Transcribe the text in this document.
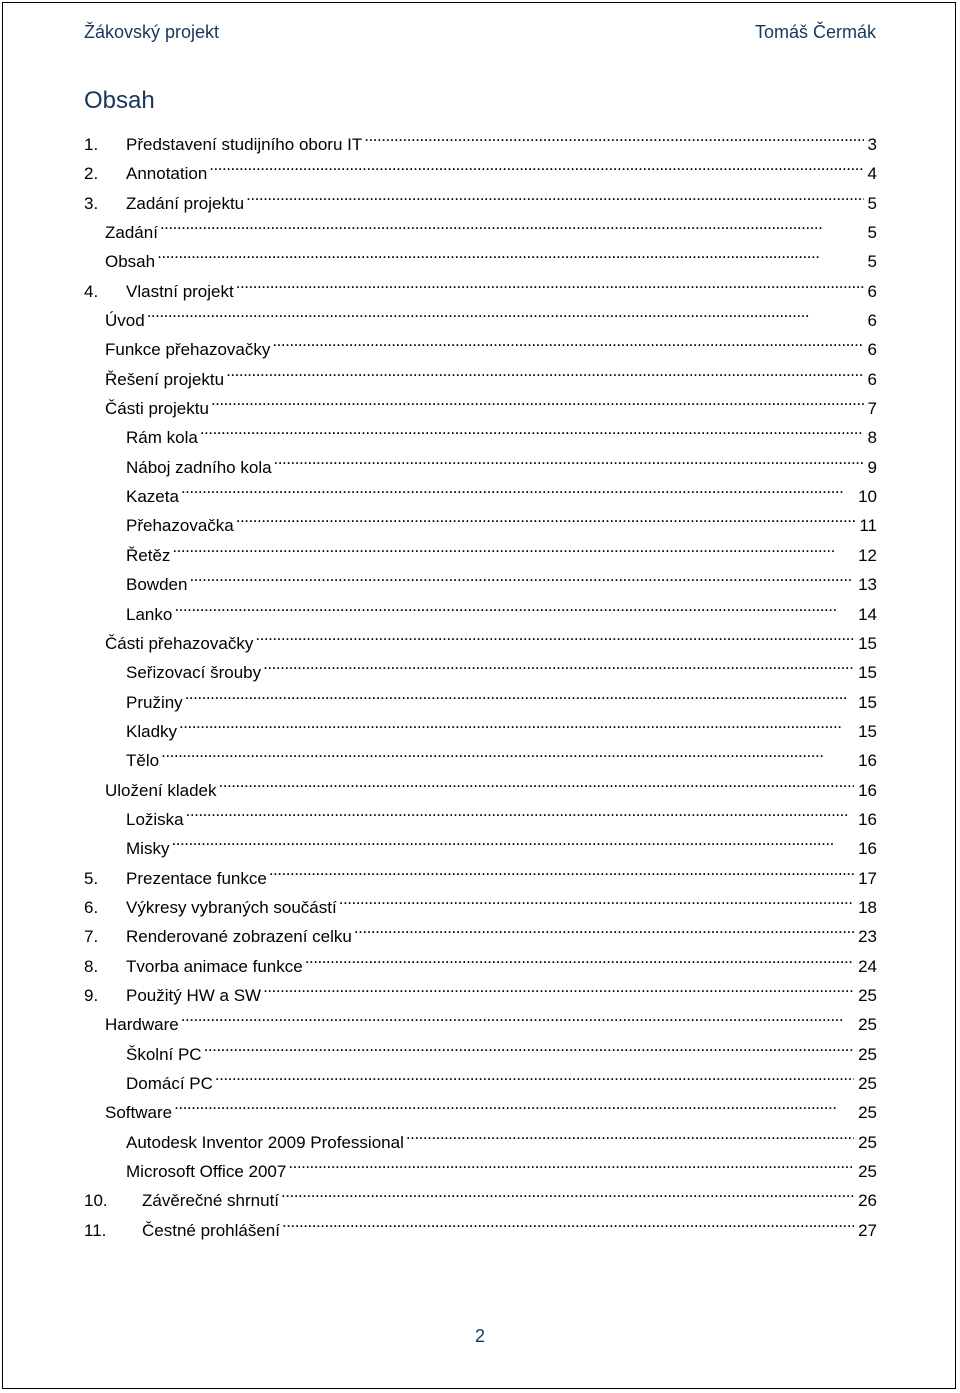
Žákovský projekt	Tomáš Čermák
Obsah
1.	Představení studijního oboru IT . . .	3
2.	Annotation . . .	4
3.	Zadání projektu . . .	5
Zadání . . .	5
Obsah . . .	5
4.	Vlastní projekt . . .	6
Úvod . . .	6
Funkce přehazovačky . . .	6
Řešení projektu . . .	6
Části projektu . . .	7
Rám kola . . .	8
Náboj zadního kola . . .	9
Kazeta . . .	10
Přehazovačka . . .	11
Řetěz . . .	12
Bowden . . .	13
Lanko . . .	14
Části přehazovačky . . .	15
Seřizovací šrouby . . .	15
Pružiny . . .	15
Kladky . . .	15
Tělo . . .	16
Uložení kladek . . .	16
Ložiska . . .	16
Misky . . .	16
5.	Prezentace funkce . . .	17
6.	Výkresy vybraných součástí . . .	18
7.	Renderované zobrazení celku . . .	23
8.	Tvorba animace funkce . . .	24
9.	Použitý HW a SW . . .	25
Hardware . . .	25
Školní PC . . .	25
Domácí PC . . .	25
Software . . .	25
Autodesk Inventor 2009 Professional . . .	25
Microsoft Office 2007 . . .	25
10.	Závěrečné shrnutí . . .	26
11.	Čestné prohlášení . . .	27
2
